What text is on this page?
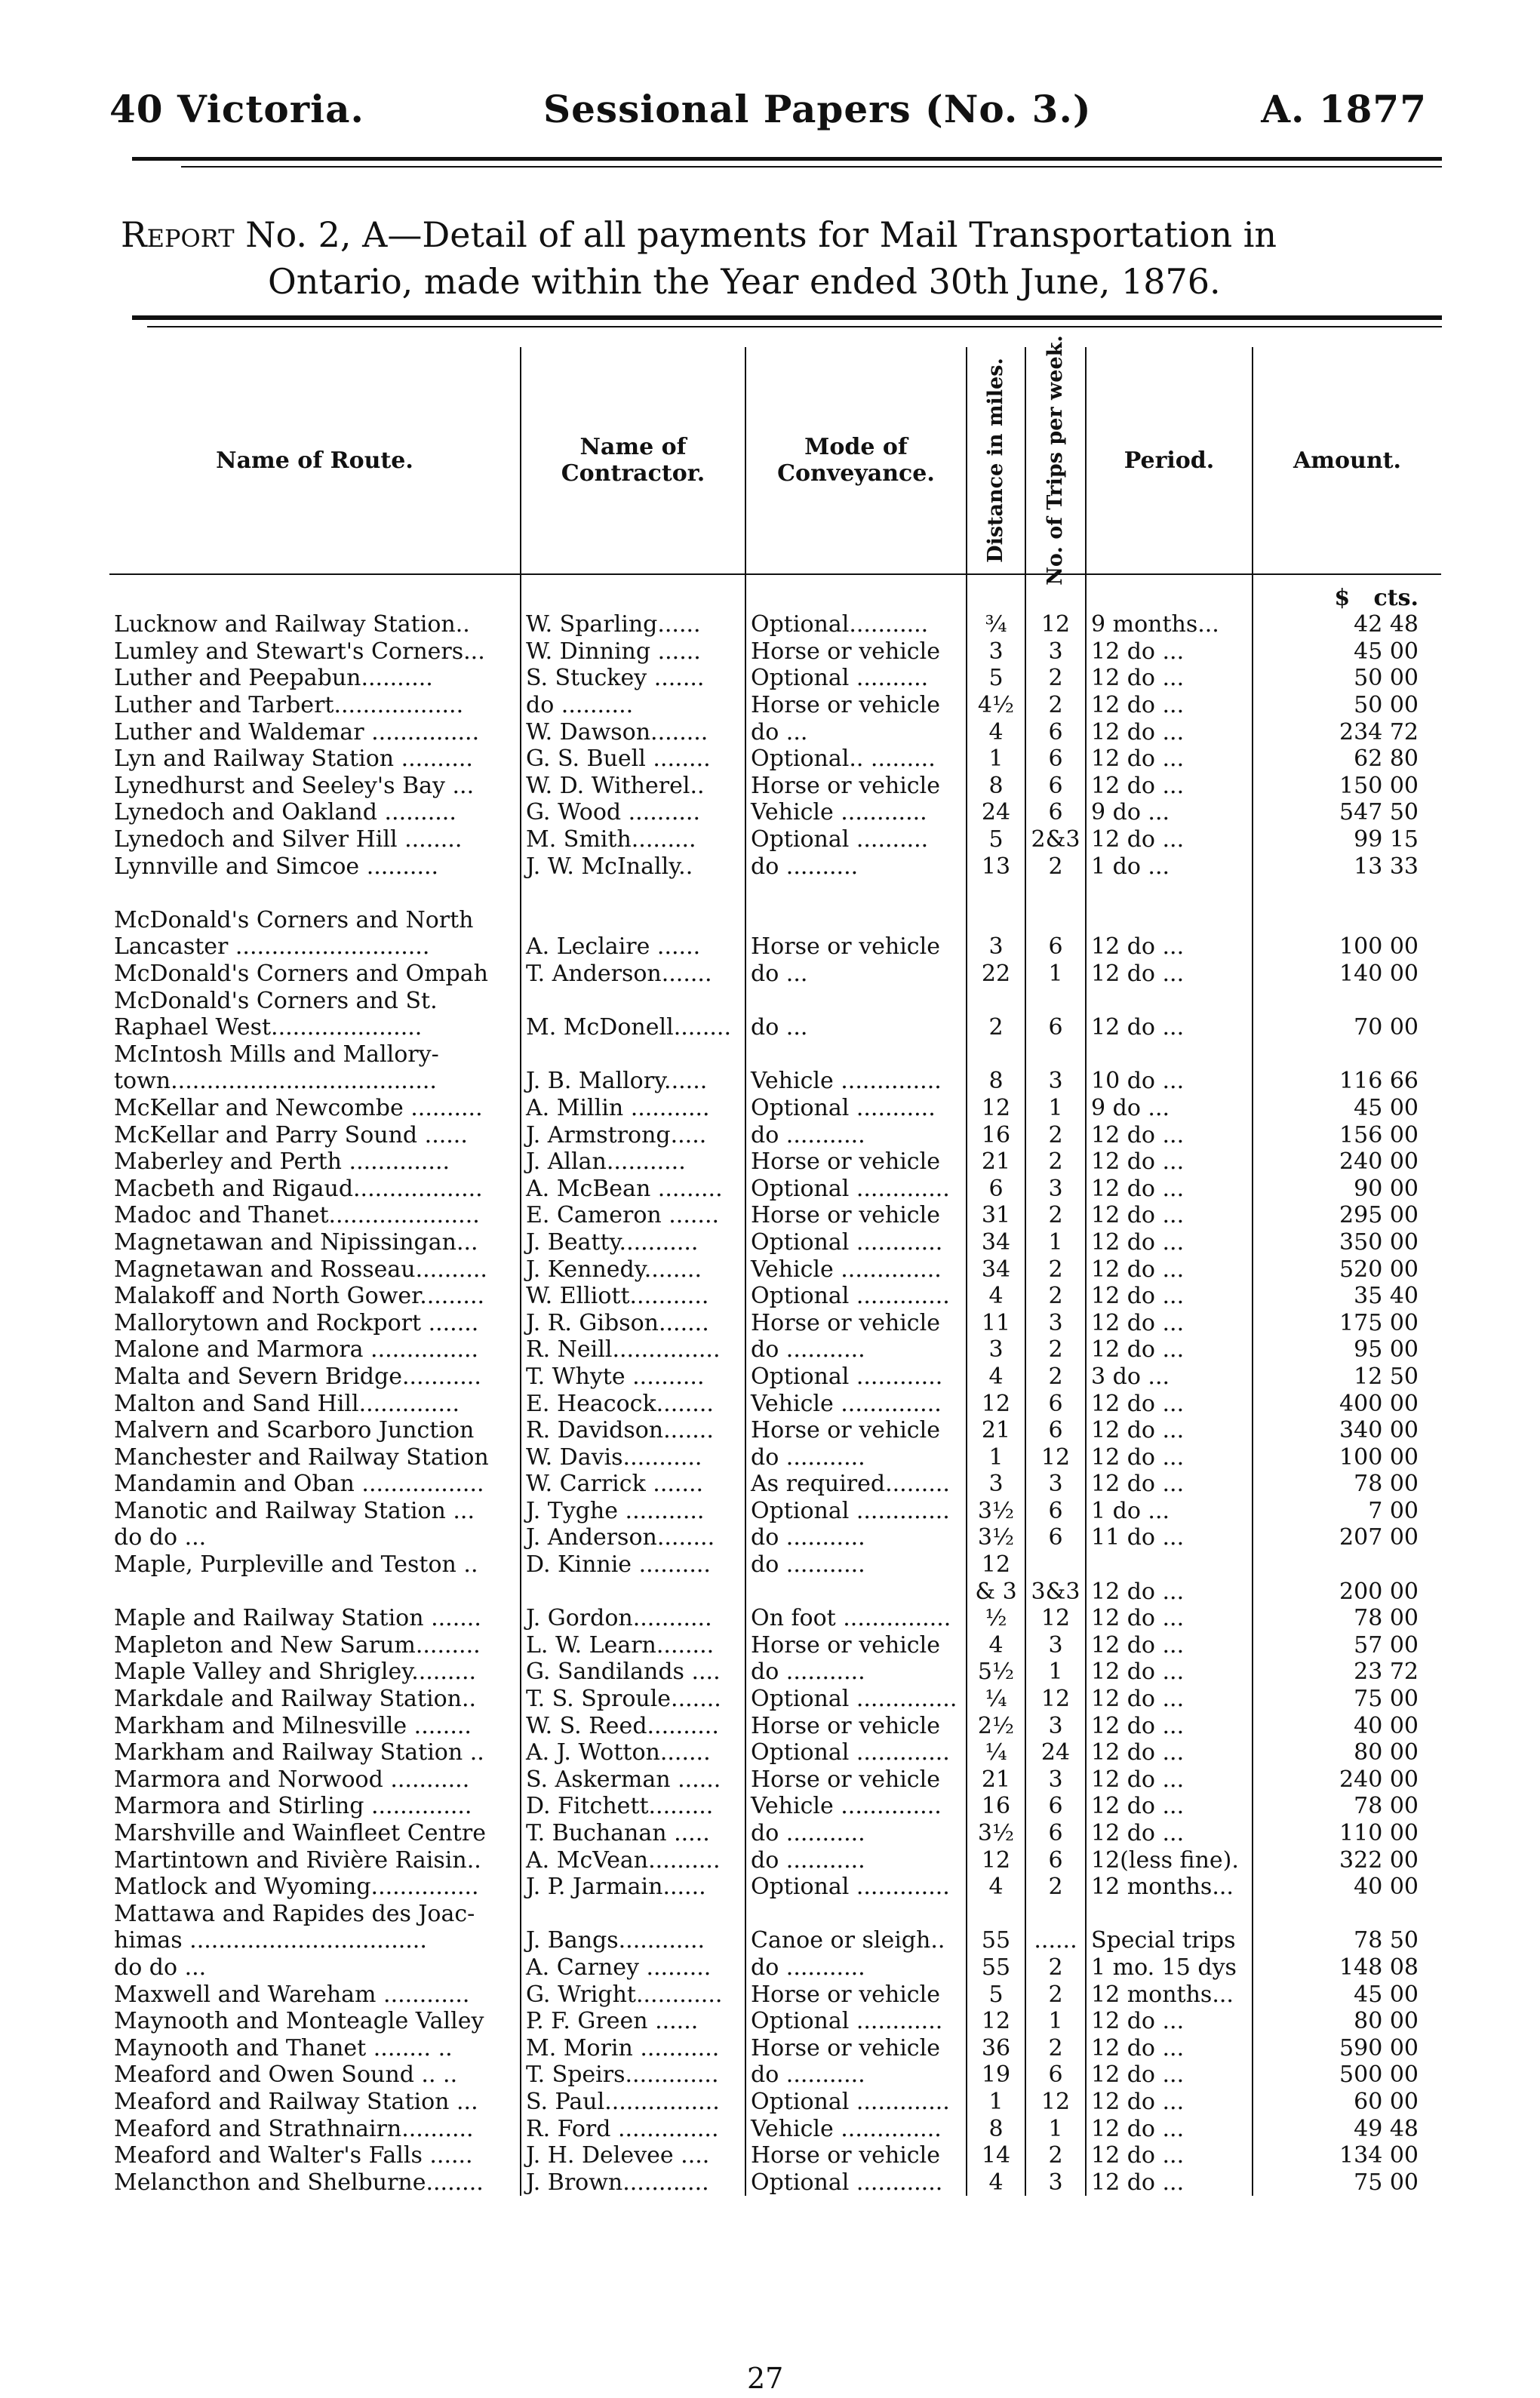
40 Victoria.	Sessional Papers (No. 3.)	A. 1877
Report No. 2, A—Detail of all payments for Mail Transportation in
Ontario, made within the Year ended 30th June, 1876.
Name of Route.	Name of Contractor.	Mode of Conveyance.	Distance in miles.	No. of Trips per week.	Period.	Amount.
						$ cts.
Lucknow and Railway Station..	W. Sparling......	Optional...........	¾	12	9 months...	42 48
Lumley and Stewart's Corners...	W. Dinning ......	Horse or vehicle	3	3	12 do ...	45 00
Luther and Peepabun..........	S. Stuckey .......	Optional ..........	5	2	12 do ...	50 00
Luther and Tarbert..................	do ..........	Horse or vehicle	4½	2	12 do ...	50 00
Luther and Waldemar ...............	W. Dawson........	do ...	4	6	12 do ...	234 72
Lyn and Railway Station ..........	G. S. Buell ........	Optional.. .........	1	6	12 do ...	62 80
Lynedhurst and Seeley's Bay ...	W. D. Witherel..	Horse or vehicle	8	6	12 do ...	150 00
Lynedoch and Oakland ..........	G. Wood ..........	Vehicle ............	24	6	9 do ...	547 50
Lynedoch and Silver Hill ........	M. Smith.........	Optional ..........	5	2&3	12 do ...	99 15
Lynnville and Simcoe ..........	J. W. McInally..	do ..........	13	2	1 do ...	13 33

McDonald's Corners and North						
Lancaster ...........................	A. Leclaire ......	Horse or vehicle	3	6	12 do ...	100 00
McDonald's Corners and Ompah	T. Anderson.......	do ...	22	1	12 do ...	140 00
McDonald's Corners and St.						
Raphael West.....................	M. McDonell........	do ...	2	6	12 do ...	70 00
McIntosh Mills and Mallory-						
town.....................................	J. B. Mallory......	Vehicle ..............	8	3	10 do ...	116 66
McKellar and Newcombe ..........	A. Millin ...........	Optional ...........	12	1	9 do ...	45 00
McKellar and Parry Sound ......	J. Armstrong.....	do ...........	16	2	12 do ...	156 00
Maberley and Perth ..............	J. Allan...........	Horse or vehicle	21	2	12 do ...	240 00
Macbeth and Rigaud..................	A. McBean .........	Optional .............	6	3	12 do ...	90 00
Madoc and Thanet.....................	E. Cameron .......	Horse or vehicle	31	2	12 do ...	295 00
Magnetawan and Nipissingan...	J. Beatty...........	Optional ............	34	1	12 do ...	350 00
Magnetawan and Rosseau..........	J. Kennedy........	Vehicle ..............	34	2	12 do ...	520 00
Malakoff and North Gower.........	W. Elliott...........	Optional .............	4	2	12 do ...	35 40
Mallorytown and Rockport .......	J. R. Gibson.......	Horse or vehicle	11	3	12 do ...	175 00
Malone and Marmora ...............	R. Neill...............	do ...........	3	2	12 do ...	95 00
Malta and Severn Bridge...........	T. Whyte ..........	Optional ............	4	2	3 do ...	12 50
Malton and Sand Hill..............	E. Heacock........	Vehicle ..............	12	6	12 do ...	400 00
Malvern and Scarboro Junction	R. Davidson.......	Horse or vehicle	21	6	12 do ...	340 00
Manchester and Railway Station	W. Davis...........	do ...........	1	12	12 do ...	100 00
Mandamin and Oban .................	W. Carrick .......	As required.........	3	3	12 do ...	78 00
Manotic and Railway Station ...	J. Tyghe ...........	Optional .............	3½	6	1 do ...	7 00
do do ...	J. Anderson........	do ...........	3½	6	11 do ...	207 00
Maple, Purpleville and Teston ..	D. Kinnie ..........	do ...........	12			
			& 3	3&3	12 do ...	200 00
Maple and Railway Station .......	J. Gordon...........	On foot ...............	½	12	12 do ...	78 00
Mapleton and New Sarum.........	L. W. Learn........	Horse or vehicle	4	3	12 do ...	57 00
Maple Valley and Shrigley.........	G. Sandilands ....	do ...........	5½	1	12 do ...	23 72
Markdale and Railway Station..	T. S. Sproule.......	Optional ..............	¼	12	12 do ...	75 00
Markham and Milnesville ........	W. S. Reed..........	Horse or vehicle	2½	3	12 do ...	40 00
Markham and Railway Station ..	A. J. Wotton.......	Optional .............	¼	24	12 do ...	80 00
Marmora and Norwood ...........	S. Askerman ......	Horse or vehicle	21	3	12 do ...	240 00
Marmora and Stirling ..............	D. Fitchett.........	Vehicle ..............	16	6	12 do ...	78 00
Marshville and Wainfleet Centre	T. Buchanan .....	do ...........	3½	6	12 do ...	110 00
Martintown and Rivière Raisin..	A. McVean..........	do ...........	12	6	12(less fine).	322 00
Matlock and Wyoming...............	J. P. Jarmain......	Optional .............	4	2	12 months...	40 00
Mattawa and Rapides des Joac-						
himas .................................	J. Bangs............	Canoe or sleigh..	55	......	Special trips	78 50
do do ...	A. Carney .........	do ...........	55	2	1 mo. 15 dys	148 08
Maxwell and Wareham ............	G. Wright............	Horse or vehicle	5	2	12 months...	45 00
Maynooth and Monteagle Valley	P. F. Green ......	Optional ............	12	1	12 do ...	80 00
Maynooth and Thanet ........ ..	M. Morin ...........	Horse or vehicle	36	2	12 do ...	590 00
Meaford and Owen Sound .. ..	T. Speirs.............	do ...........	19	6	12 do ...	500 00
Meaford and Railway Station ...	S. Paul................	Optional .............	1	12	12 do ...	60 00
Meaford and Strathnairn..........	R. Ford ..............	Vehicle ..............	8	1	12 do ...	49 48
Meaford and Walter's Falls ......	J. H. Delevee ....	Horse or vehicle	14	2	12 do ...	134 00
Melancthon and Shelburne........	J. Brown............	Optional ............	4	3	12 do ...	75 00
27
